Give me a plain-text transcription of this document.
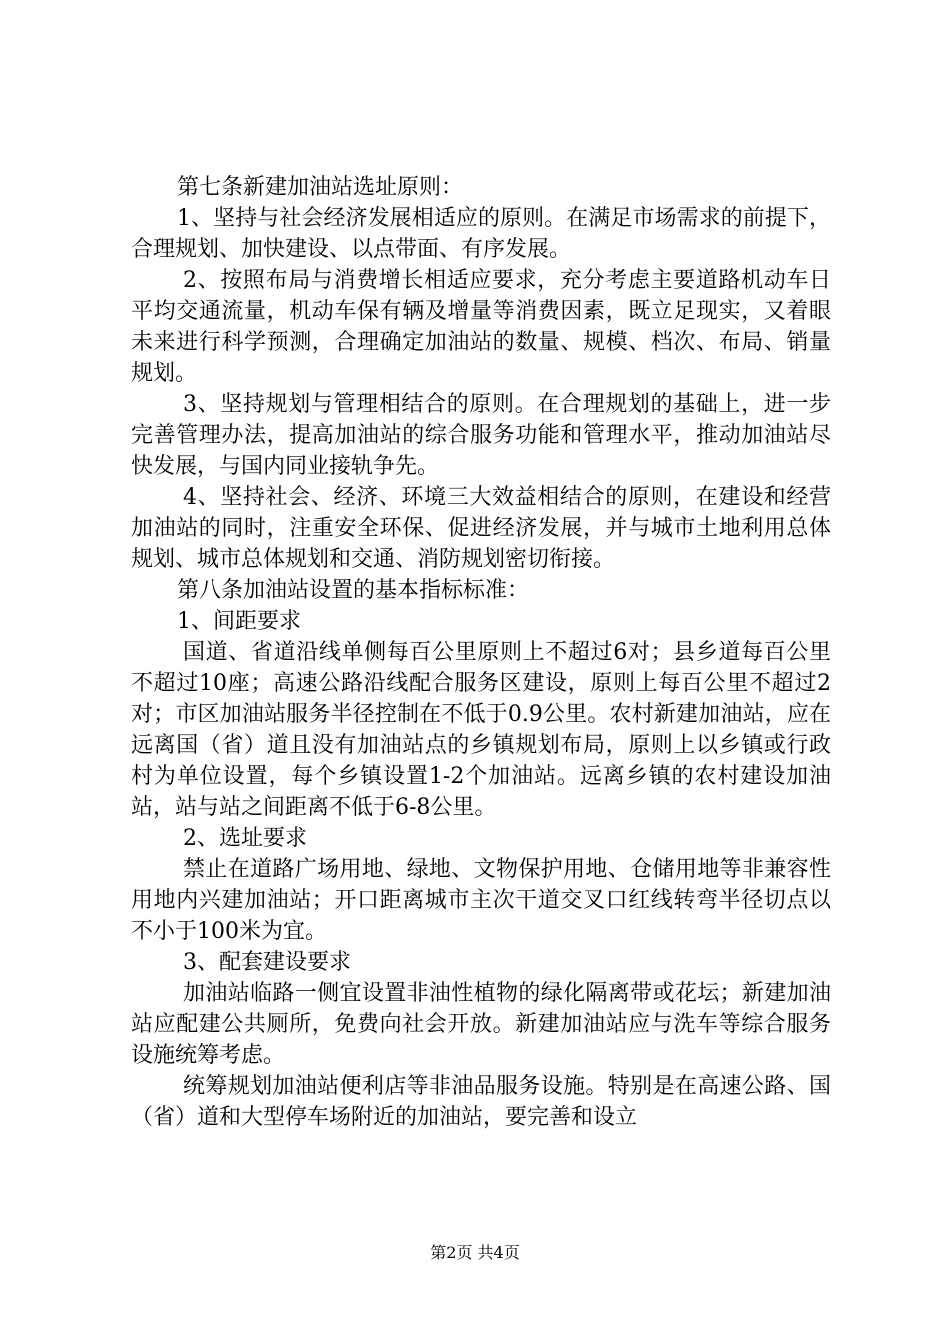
第七条新建加油站选址原则：

1、坚持与社会经济发展相适应的原则。在满足市场需求的前提下，合理规划、加快建设、以点带面、有序发展。

2、按照布局与消费增长相适应要求，充分考虑主要道路机动车日平均交通流量，机动车保有辆及增量等消费因素，既立足现实，又着眼未来进行科学预测，合理确定加油站的数量、规模、档次、布局、销量规划。

3、坚持规划与管理相结合的原则。在合理规划的基础上，进一步完善管理办法，提高加油站的综合服务功能和管理水平，推动加油站尽快发展，与国内同业接轨争先。

4、坚持社会、经济、环境三大效益相结合的原则，在建设和经营加油站的同时，注重安全环保、促进经济发展，并与城市土地利用总体规划、城市总体规划和交通、消防规划密切衔接。

第八条加油站设置的基本指标标准：

1、间距要求

国道、省道沿线单侧每百公里原则上不超过6对；县乡道每百公里不超过10座；高速公路沿线配合服务区建设，原则上每百公里不超过2对；市区加油站服务半径控制在不低于0.9公里。农村新建加油站，应在远离国（省）道且没有加油站点的乡镇规划布局，原则上以乡镇或行政村为单位设置，每个乡镇设置1-2个加油站。远离乡镇的农村建设加油站，站与站之间距离不低于6-8公里。

2、选址要求

禁止在道路广场用地、绿地、文物保护用地、仓储用地等非兼容性用地内兴建加油站；开口距离城市主次干道交叉口红线转弯半径切点以不小于100米为宜。

3、配套建设要求

加油站临路一侧宜设置非油性植物的绿化隔离带或花坛；新建加油站应配建公共厕所，免费向社会开放。新建加油站应与洗车等综合服务设施统筹考虑。

统筹规划加油站便利店等非油品服务设施。特别是在高速公路、国（省）道和大型停车场附近的加油站，要完善和设立

第2页 共4页
